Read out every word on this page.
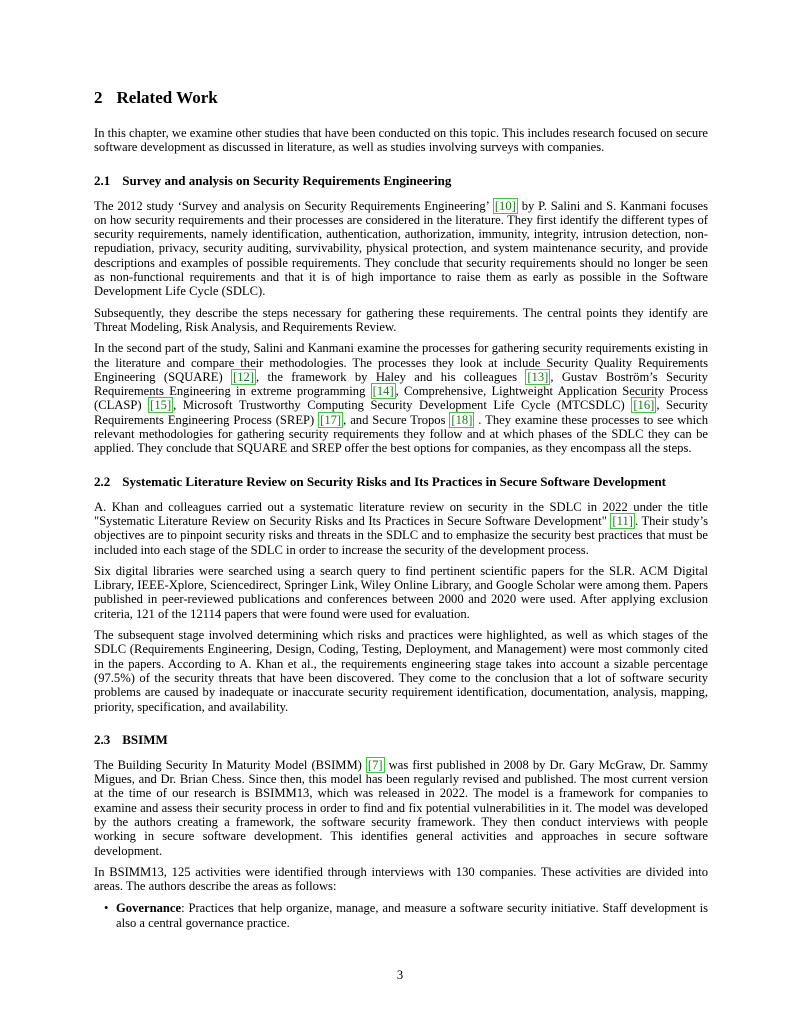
2 Related Work

In this chapter, we examine other studies that have been conducted on this topic. This includes research focused on secure software development as discussed in literature, as well as studies involving surveys with companies.

2.1 Survey and analysis on Security Requirements Engineering

The 2012 study ‘Survey and analysis on Security Requirements Engineering’ [10] by P. Salini and S. Kanmani focuses on how security requirements and their processes are considered in the literature. They first identify the different types of security requirements, namely identification, authentication, authorization, immunity, integrity, intrusion detection, non-repudiation, privacy, security auditing, survivability, physical protection, and system maintenance security, and provide descriptions and examples of possible requirements. They conclude that security requirements should no longer be seen as non-functional requirements and that it is of high importance to raise them as early as possible in the Software Development Life Cycle (SDLC).

Subsequently, they describe the steps necessary for gathering these requirements. The central points they identify are Threat Modeling, Risk Analysis, and Requirements Review.

In the second part of the study, Salini and Kanmani examine the processes for gathering security requirements existing in the literature and compare their methodologies. The processes they look at include Security Quality Requirements Engineering (SQUARE) [12] , the framework by Haley and his colleagues [13] , Gustav Boström’s Security Requirements Engineering in extreme programming [14] , Comprehensive, Lightweight Application Security Process (CLASP) [15] , Microsoft Trustworthy Computing Security Development Life Cycle (MTCSDLC) [16] , Security Requirements Engineering Process (SREP) [17] , and Secure Tropos [18] . They examine these processes to see which relevant methodologies for gathering security requirements they follow and at which phases of the SDLC they can be applied. They conclude that SQUARE and SREP offer the best options for companies, as they encompass all the steps.

2.2 Systematic Literature Review on Security Risks and Its Practices in Secure Software Development

A. Khan and colleagues carried out a systematic literature review on security in the SDLC in 2022 under the title "Systematic Literature Review on Security Risks and Its Practices in Secure Software Development" [11] . Their study’s objectives are to pinpoint security risks and threats in the SDLC and to emphasize the security best practices that must be included into each stage of the SDLC in order to increase the security of the development process.

Six digital libraries were searched using a search query to find pertinent scientific papers for the SLR. ACM Digital Library, IEEE-Xplore, Sciencedirect, Springer Link, Wiley Online Library, and Google Scholar were among them. Papers published in peer-reviewed publications and conferences between 2000 and 2020 were used. After applying exclusion criteria, 121 of the 12114 papers that were found were used for evaluation.

The subsequent stage involved determining which risks and practices were highlighted, as well as which stages of the SDLC (Requirements Engineering, Design, Coding, Testing, Deployment, and Management) were most commonly cited in the papers. According to A. Khan et al., the requirements engineering stage takes into account a sizable percentage (97.5%) of the security threats that have been discovered. They come to the conclusion that a lot of software security problems are caused by inadequate or inaccurate security requirement identification, documentation, analysis, mapping, priority, specification, and availability.

2.3 BSIMM

The Building Security In Maturity Model (BSIMM) [7] was first published in 2008 by Dr. Gary McGraw, Dr. Sammy Migues, and Dr. Brian Chess. Since then, this model has been regularly revised and published. The most current version at the time of our research is BSIMM13, which was released in 2022. The model is a framework for companies to examine and assess their security process in order to find and fix potential vulnerabilities in it. The model was developed by the authors creating a framework, the software security framework. They then conduct interviews with people working in secure software development. This identifies general activities and approaches in secure software development.

In BSIMM13, 125 activities were identified through interviews with 130 companies. These activities are divided into areas. The authors describe the areas as follows:

• Governance: Practices that help organize, manage, and measure a software security initiative. Staff development is also a central governance practice.
3
